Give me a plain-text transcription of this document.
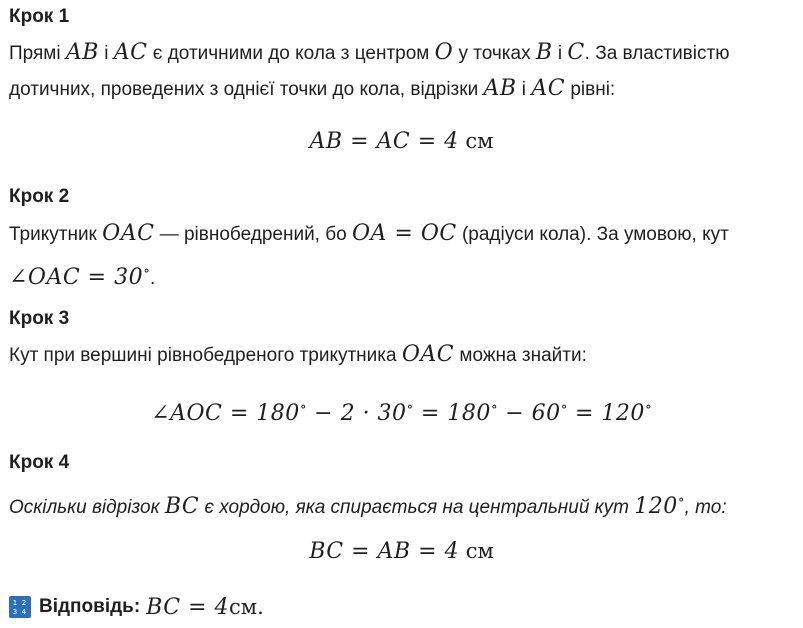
Крок 1
Прямі AB і AC є дотичними до кола з центром O у точках B і C. За властивістю
дотичних, проведених з однієї точки до кола, відрізки AB і AC рівні:
AB = AC = 4 см
Крок 2
Трикутник OAC — рівнобедрений, бо OA = OC (радіуси кола). За умовою, кут
∠OAC = 30∘.
Крок 3
Кут при вершині рівнобедреного трикутника OAC можна знайти:
∠AOC = 180∘ − 2 · 30∘ = 180∘ − 60∘ = 120∘
Крок 4
Оскільки відрізок BC є хордою, яка спирається на центральний кут 120∘, то:
BC = AB = 4 см
1 2
3 4 Відповідь: BC = 4 см.
